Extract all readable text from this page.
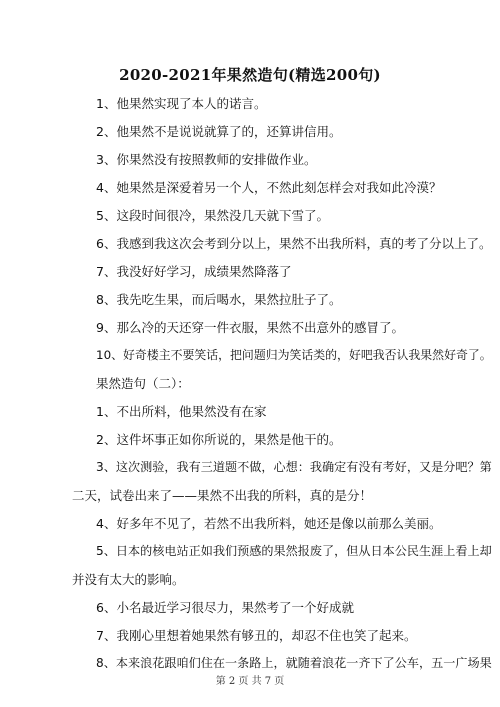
2020-2021年果然造句(精选200句)
1、他果然实现了本人的诺言。
2、他果然不是说说就算了的，还算讲信用。
3、你果然没有按照教师的安排做作业。
4、她果然是深爱着另一个人，不然此刻怎样会对我如此冷漠？
5、这段时间很冷，果然没几天就下雪了。
6、我感到我这次会考到分以上，果然不出我所料，真的考了分以上了。
7、我没好好学习，成绩果然降落了
8、我先吃生果，而后喝水，果然拉肚子了。
9、那么冷的天还穿一件衣服，果然不出意外的感冒了。
10、好奇楼主不要笑话，把问题归为笑话类的，好吧我否认我果然好奇了。
果然造句（二）：
1、不出所料，他果然没有在家
2、这件坏事正如你所说的，果然是他干的。
3、这次测验，我有三道题不做，心想：我确定有没有考好，又是分吧？第
二天，试卷出来了——果然不出我的所料，真的是分！
4、好多年不见了，若然不出我所料，她还是像以前那么美丽。
5、日本的核电站正如我们预感的果然报废了，但从日本公民生涯上看上却
并没有太大的影响。
6、小名最近学习很尽力，果然考了一个好成就
7、我刚心里想着她果然有够丑的，却忍不住也笑了起来。
8、本来浪花跟咱们住在一条路上，就随着浪花一齐下了公车，五一广场果
第 2 页 共 7 页
